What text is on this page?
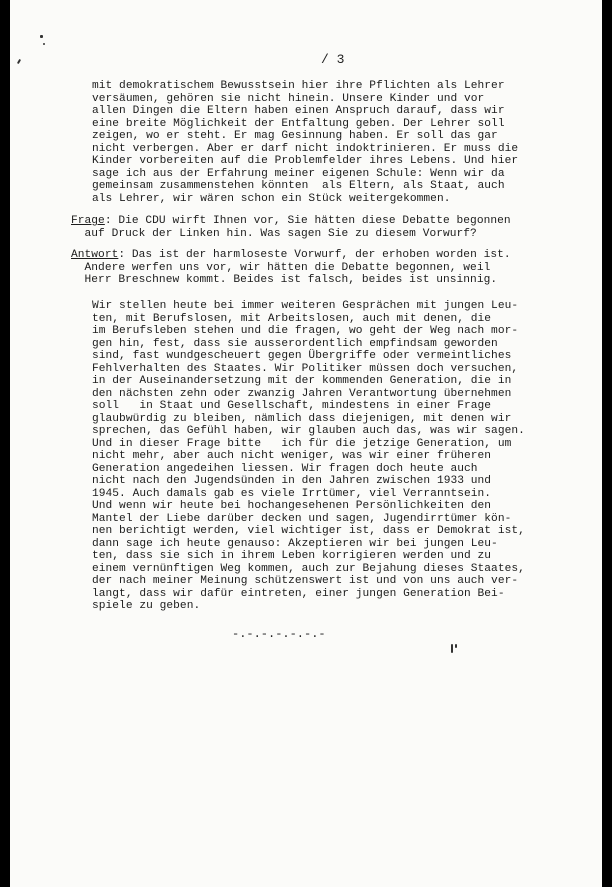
/ 3
mit demokratischem Bewusstsein hier ihre Pflichten als Lehrer
versäumen, gehören sie nicht hinein. Unsere Kinder und vor
allen Dingen die Eltern haben einen Anspruch darauf, dass wir
eine breite Möglichkeit der Entfaltung geben. Der Lehrer soll
zeigen, wo er steht. Er mag Gesinnung haben. Er soll das gar
nicht verbergen. Aber er darf nicht indoktrinieren. Er muss die
Kinder vorbereiten auf die Problemfelder ihres Lebens. Und hier
sage ich aus der Erfahrung meiner eigenen Schule: Wenn wir da
gemeinsam zusammenstehen könnten  als Eltern, als Staat, auch
als Lehrer, wir wären schon ein Stück weitergekommen.
Frage: Die CDU wirft Ihnen vor, Sie hätten diese Debatte begonnen
auf Druck der Linken hin. Was sagen Sie zu diesem Vorwurf?
Antwort: Das ist der harmloseste Vorwurf, der erhoben worden ist.
Andere werfen uns vor, wir hätten die Debatte begonnen, weil
Herr Breschnew kommt. Beides ist falsch, beides ist unsinnig.
Wir stellen heute bei immer weiteren Gesprächen mit jungen Leu-
ten, mit Berufslosen, mit Arbeitslosen, auch mit denen, die
im Berufsleben stehen und die fragen, wo geht der Weg nach mor-
gen hin, fest, dass sie ausserordentlich empfindsam geworden
sind, fast wundgescheuert gegen Übergriffe oder vermeintliches
Fehlverhalten des Staates. Wir Politiker müssen doch versuchen,
in der Auseinandersetzung mit der kommenden Generation, die in
den nächsten zehn oder zwanzig Jahren Verantwortung übernehmen
soll   in Staat und Gesellschaft, mindestens in einer Frage
glaubwürdig zu bleiben, nämlich dass diejenigen, mit denen wir
sprechen, das Gefühl haben, wir glauben auch das, was wir sagen.
Und in dieser Frage bitte   ich für die jetzige Generation, um
nicht mehr, aber auch nicht weniger, was wir einer früheren
Generation angedeihen liessen. Wir fragen doch heute auch
nicht nach den Jugendsünden in den Jahren zwischen 1933 und
1945. Auch damals gab es viele Irrtümer, viel Verranntsein.
Und wenn wir heute bei hochangesehenen Persönlichkeiten den
Mantel der Liebe darüber decken und sagen, Jugendirrtümer kön-
nen berichtigt werden, viel wichtiger ist, dass er Demokrat ist,
dann sage ich heute genauso: Akzeptieren wir bei jungen Leu-
ten, dass sie sich in ihrem Leben korrigieren werden und zu
einem vernünftigen Weg kommen, auch zur Bejahung dieses Staates,
der nach meiner Meinung schützenswert ist und von uns auch ver-
langt, dass wir dafür eintreten, einer jungen Generation Bei-
spiele zu geben.
-.-.-.-.-.-.-
